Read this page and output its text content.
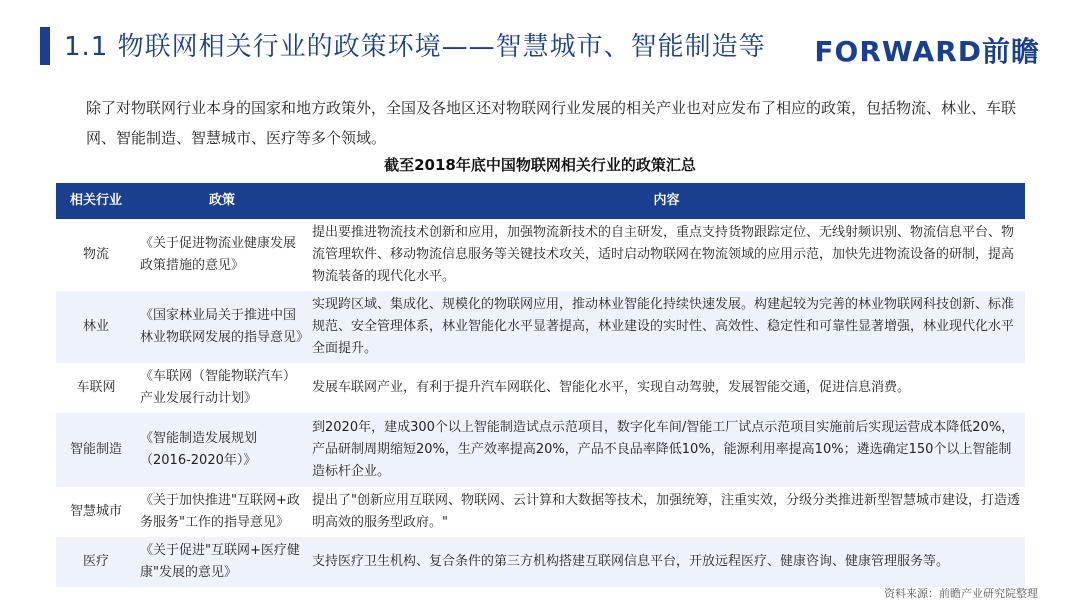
1.1 物联网相关行业的政策环境——智慧城市、智能制造等 FORWARD前瞻

除了对物联网行业本身的国家和地方政策外，全国及各地区还对物联网行业发展的相关产业也对应发布了相应的政策，包括物流、林业、车联网、智能制造、智慧城市、医疗等多个领域。

截至2018年底中国物联网相关行业的政策汇总
相关行业	政策	内容
物流	《关于促进物流业健康发展政策措施的意见》	提出要推进物流技术创新和应用，加强物流新技术的自主研发，重点支持货物跟踪定位、无线射频识别、物流信息平台、物流管理软件、移动物流信息服务等关键技术攻关，适时启动物联网在物流领域的应用示范，加快先进物流设备的研制，提高物流装备的现代化水平。
林业	《国家林业局关于推进中国林业物联网发展的指导意见》	实现跨区域、集成化、规模化的物联网应用，推动林业智能化持续快速发展。构建起较为完善的林业物联网科技创新、标准规范、安全管理体系，林业智能化水平显著提高，林业建设的实时性、高效性、稳定性和可靠性显著增强，林业现代化水平全面提升。
车联网	《车联网（智能物联汽车）产业发展行动计划》	发展车联网产业，有利于提升汽车网联化、智能化水平，实现自动驾驶，发展智能交通，促进信息消费。
智能制造	《智能制造发展规划（2016-2020年）》	到2020年，建成300个以上智能制造试点示范项目，数字化车间/智能工厂试点示范项目实施前后实现运营成本降低20%，产品研制周期缩短20%，生产效率提高20%，产品不良品率降低10%，能源利用率提高10%；遴选确定150个以上智能制造标杆企业。
智慧城市	《关于加快推进"互联网+政务服务"工作的指导意见》	提出了"创新应用互联网、物联网、云计算和大数据等技术，加强统筹，注重实效，分级分类推进新型智慧城市建设，打造透明高效的服务型政府。"
医疗	《关于促进"互联网+医疗健康"发展的意见》	支持医疗卫生机构、复合条件的第三方机构搭建互联网信息平台，开放远程医疗、健康咨询、健康管理服务等。
资料来源：前瞻产业研究院整理
